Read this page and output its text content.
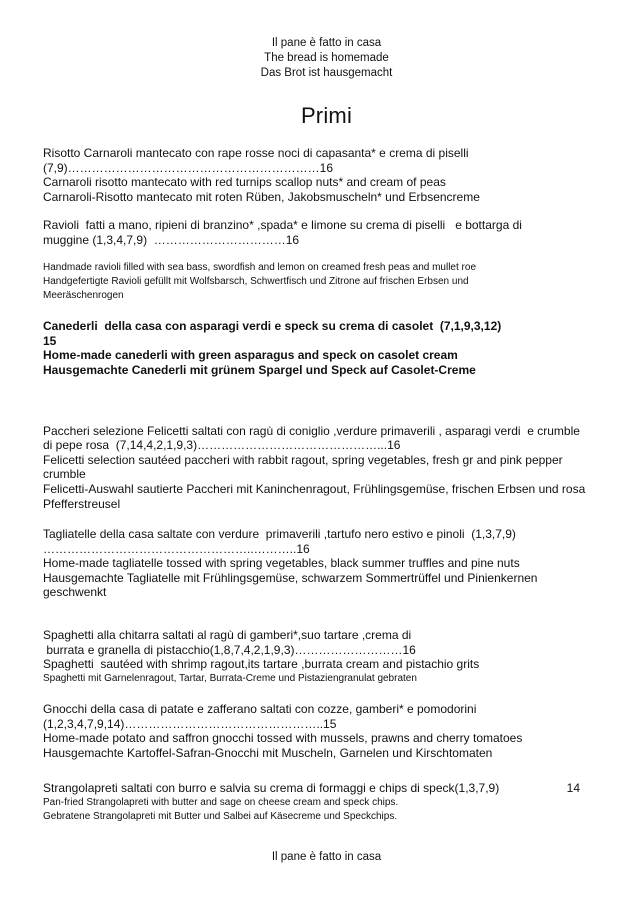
Il pane è fatto in casa

The bread is homemade

Das Brot ist hausgemacht

Primi

Risotto Carnaroli mantecato con rape rosse noci di capasanta* e crema di piselli

(7,9)………………………………………………………16

Carnaroli risotto mantecato with red turnips scallop nuts* and cream of peas

Carnaroli-Risotto mantecato mit roten Rüben, Jakobsmuscheln* und Erbsencreme

Ravioli  fatti a mano, ripieni di branzino* ,spada* e limone su crema di piselli   e bottarga di

muggine (1,3,4,7,9)  ……………………………16

Handmade ravioli filled with sea bass, swordfish and lemon on creamed fresh peas and mullet roe

Handgefertigte Ravioli gefüllt mit Wolfsbarsch, Schwertfisch und Zitrone auf frischen Erbsen und

Meeräschenrogen

Canederli  della casa con asparagi verdi e speck su crema di casolet  (7,1,9,3,12)

15

Home-made canederli with green asparagus and speck on casolet cream

Hausgemachte Canederli mit grünem Spargel und Speck auf Casolet-Creme

Paccheri selezione Felicetti saltati con ragù di coniglio ,verdure primaverili , asparagi verdi  e crumble

di pepe rosa  (7,14,4,2,1,9,3)………………………………………...16

Felicetti selection sautéed paccheri with rabbit ragout, spring vegetables, fresh gr and pink pepper

crumble

Felicetti-Auswahl sautierte Paccheri mit Kaninchenragout, Frühlingsgemüse, frischen Erbsen und rosa

Pfefferstreusel

Tagliatelle della casa saltate con verdure  primaverili ,tartufo nero estivo e pinoli  (1,3,7,9)

……………………………………………..………..16

Home-made tagliatelle tossed with spring vegetables, black summer truffles and pine nuts

Hausgemachte Tagliatelle mit Frühlingsgemüse, schwarzem Sommertrüffel und Pinienkernen

geschwenkt

Spaghetti alla chitarra saltati al ragù di gamberi*,suo tartare ,crema di

burrata e granella di pistacchio(1,8,7,4,2,1,9,3)………………………16

Spaghetti  sautéed with shrimp ragout,its tartare ,burrata cream and pistachio grits

Spaghetti mit Garnelenragout, Tartar, Burrata-Creme und Pistaziengranulat gebraten

Gnocchi della casa di patate e zafferano saltati con cozze, gamberi* e pomodorini

(1,2,3,4,7,9,14)…………………………………………..15

Home-made potato and saffron gnocchi tossed with mussels, prawns and cherry tomatoes

Hausgemachte Kartoffel-Safran-Gnocchi mit Muscheln, Garnelen und Kirschtomaten

Strangolapreti saltati con burro e salvia su crema di formaggi e chips di speck(1,3,7,9)	14

Pan-fried Strangolapreti with butter and sage on cheese cream and speck chips.

Gebratene Strangolapreti mit Butter und Salbei auf Käsecreme und Speckchips.

Il pane è fatto in casa
